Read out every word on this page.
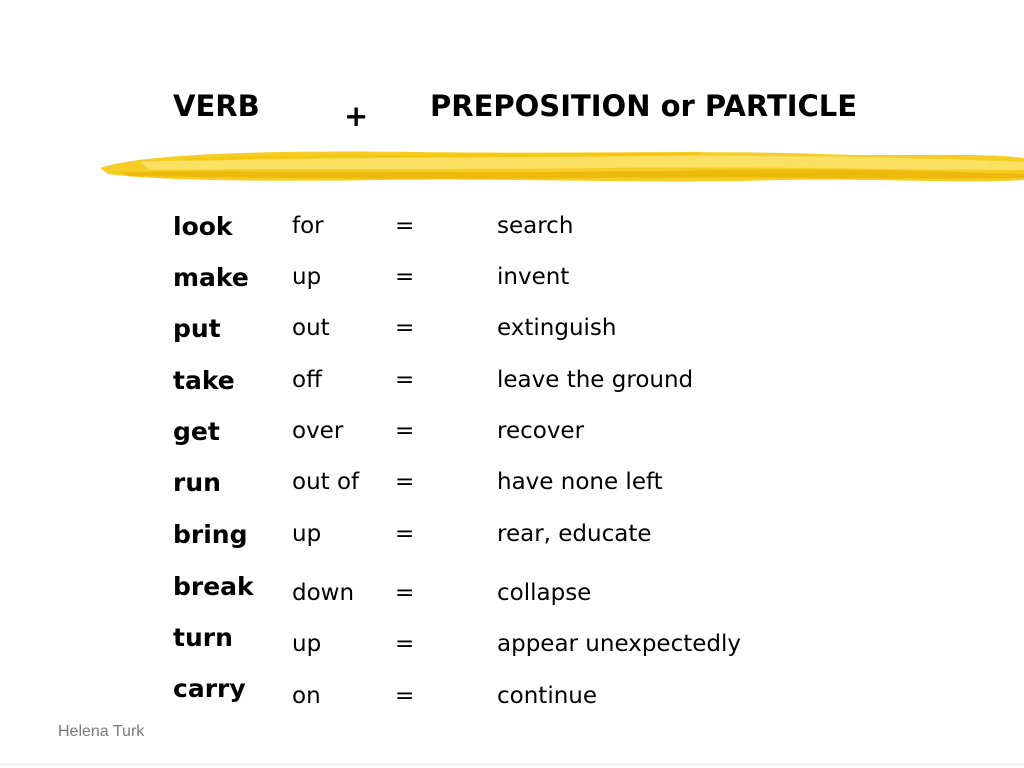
VERB	+ PREPOSITION or PARTICLE
look	for	=	search
make up	=	invent
put	out	=	extinguish
take off	=	leave the ground
get	over =	recover
run	out of =	have none left
bring up	=	rear, educate
break down =	collapse
turn	up	=	appear unexpectedly
carry on	=	continue
Helena Turk
